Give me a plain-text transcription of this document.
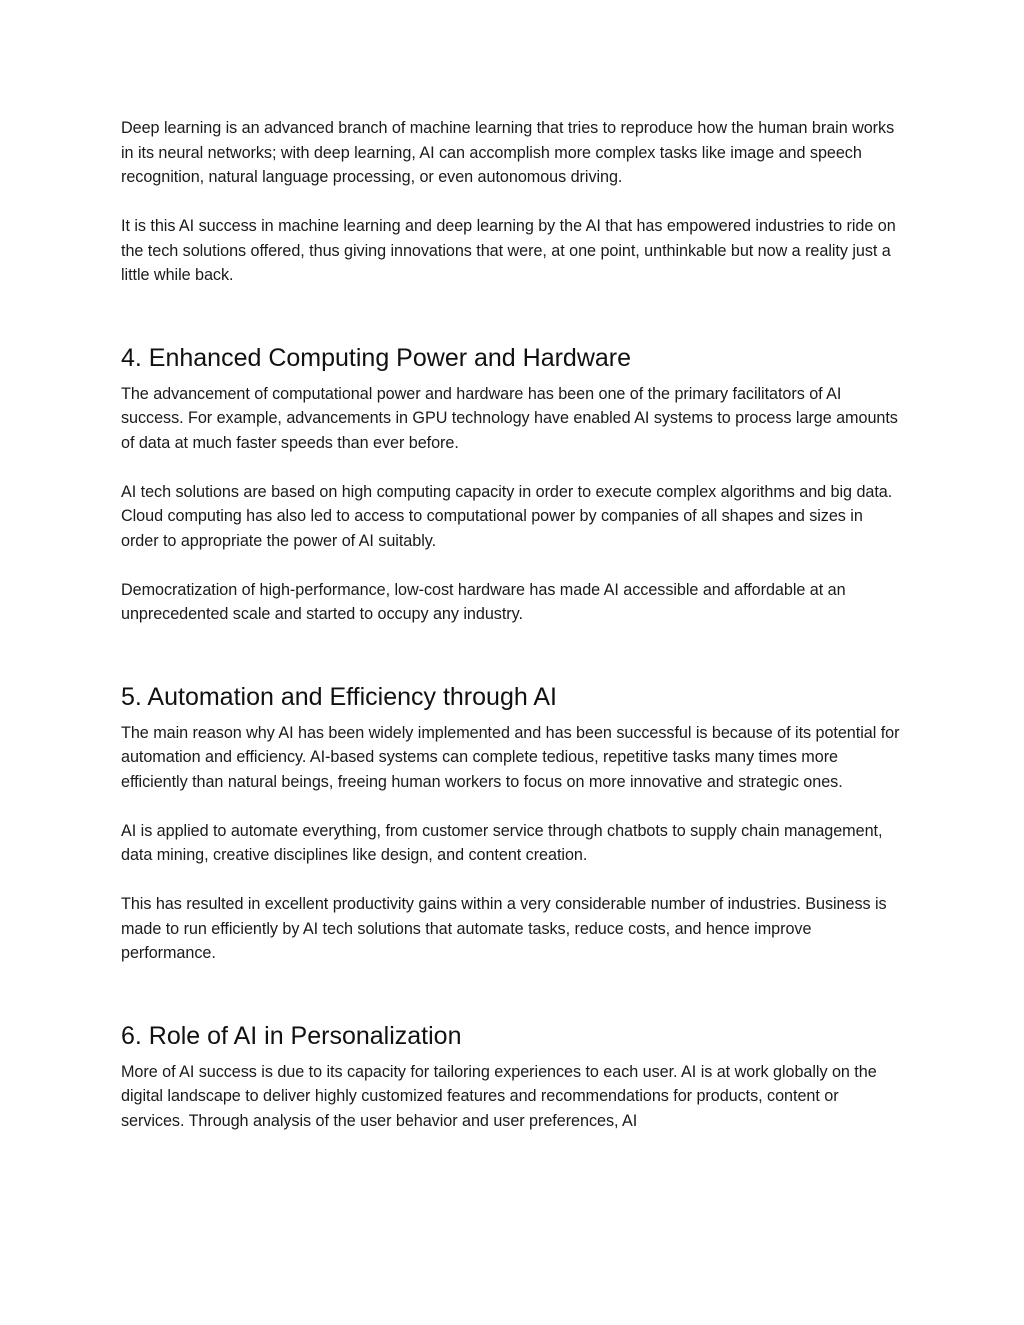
Deep learning is an advanced branch of machine learning that tries to reproduce how the human brain works in its neural networks; with deep learning, AI can accomplish more complex tasks like image and speech recognition, natural language processing, or even autonomous driving.

It is this AI success in machine learning and deep learning by the AI that has empowered industries to ride on the tech solutions offered, thus giving innovations that were, at one point, unthinkable but now a reality just a little while back.

4. Enhanced Computing Power and Hardware

The advancement of computational power and hardware has been one of the primary facilitators of AI success. For example, advancements in GPU technology have enabled AI systems to process large amounts of data at much faster speeds than ever before.

AI tech solutions are based on high computing capacity in order to execute complex algorithms and big data. Cloud computing has also led to access to computational power by companies of all shapes and sizes in order to appropriate the power of AI suitably.

Democratization of high-performance, low-cost hardware has made AI accessible and affordable at an unprecedented scale and started to occupy any industry.

5. Automation and Efficiency through AI

The main reason why AI has been widely implemented and has been successful is because of its potential for automation and efficiency. AI-based systems can complete tedious, repetitive tasks many times more efficiently than natural beings, freeing human workers to focus on more innovative and strategic ones.

AI is applied to automate everything, from customer service through chatbots to supply chain management, data mining, creative disciplines like design, and content creation.

This has resulted in excellent productivity gains within a very considerable number of industries. Business is made to run efficiently by AI tech solutions that automate tasks, reduce costs, and hence improve performance.

6. Role of AI in Personalization

More of AI success is due to its capacity for tailoring experiences to each user. AI is at work globally on the digital landscape to deliver highly customized features and recommendations for products, content or services. Through analysis of the user behavior and user preferences, AI
